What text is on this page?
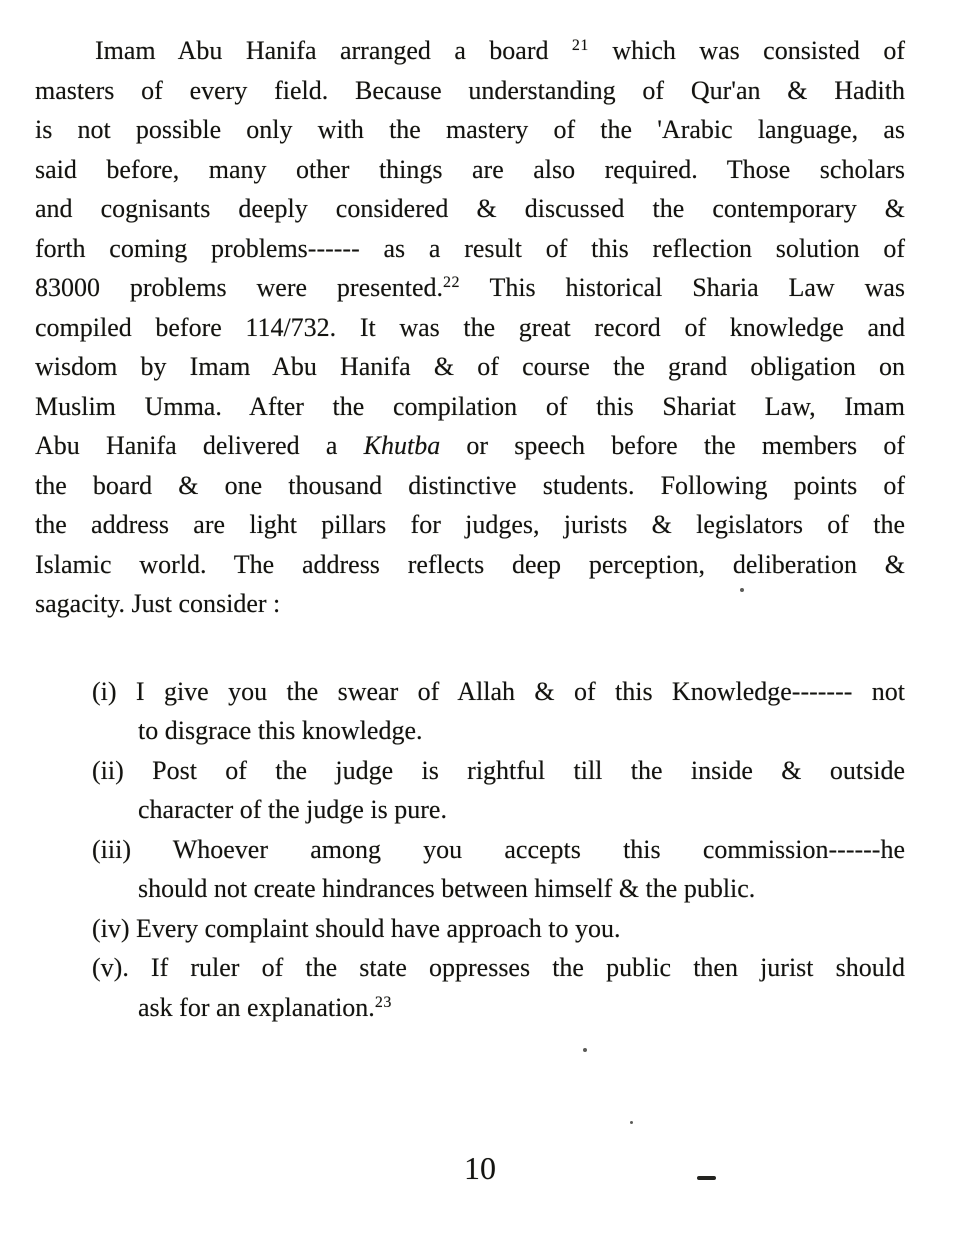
Imam Abu Hanifa arranged a board $^{21}$ which was consisted of
masters of every field. Because understanding of Qur'an & Hadith
is not possible only with the mastery of the 'Arabic language, as
said before, many other things are also required. Those scholars
and cognisants deeply considered & discussed the contemporary &
forth coming problems------ as a result of this reflection solution of
83000 problems were presented.$^{22}$ This historical Sharia Law was
compiled before 114/732. It was the great record of knowledge and
wisdom by Imam Abu Hanifa & of course the grand obligation on
Muslim Umma. After the compilation of this Shariat Law, Imam
Abu Hanifa delivered a Khutba or speech before the members of
the board & one thousand distinctive students. Following points of
the address are light pillars for judges, jurists & legislators of the
Islamic world. The address reflects deep perception, deliberation &
sagacity. Just consider :
(i) I give you the swear of Allah & of this Knowledge------- not
to disgrace this knowledge.
(ii) Post of the judge is rightful till the inside & outside
character of the judge is pure.
(iii) Whoever among you accepts this commission------he
should not create hindrances between himself & the public.
(iv) Every complaint should have approach to you.
(v). If ruler of the state oppresses the public then jurist should
ask for an explanation.$^{23}$
10
